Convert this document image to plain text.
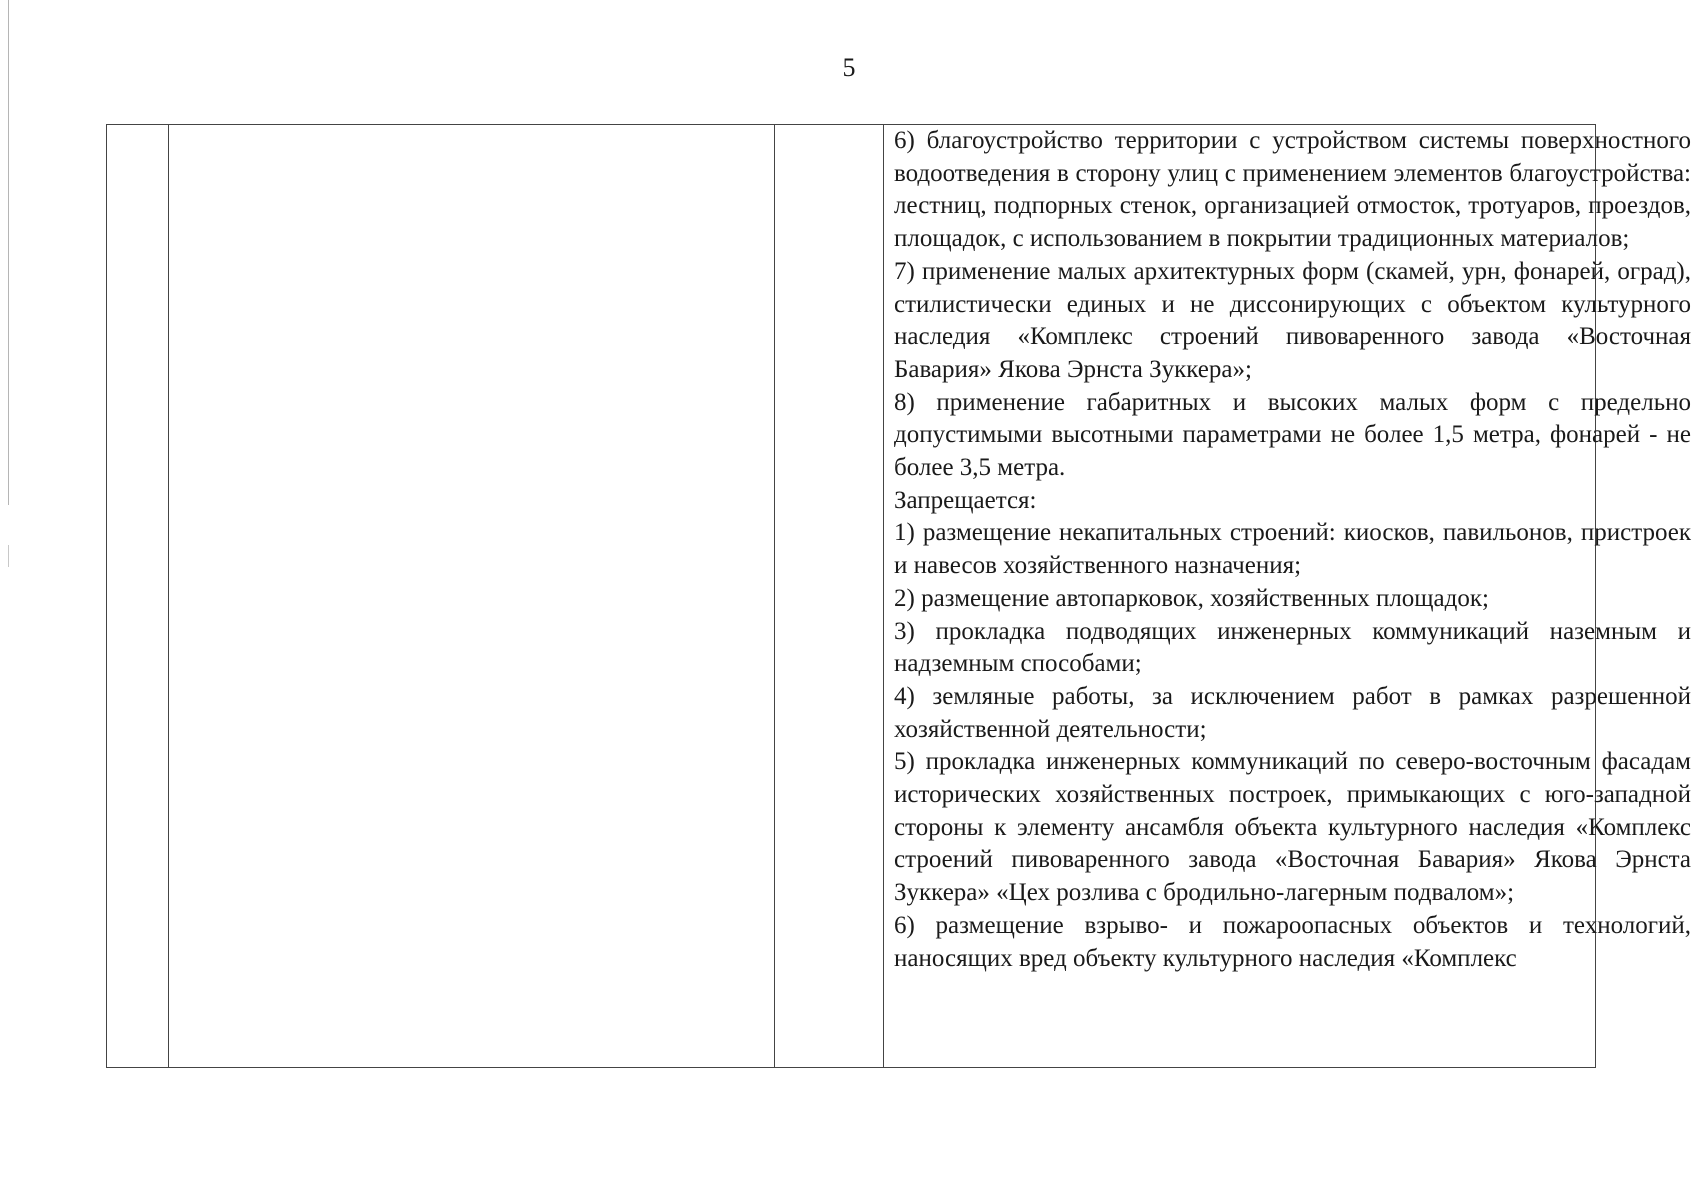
5

6) благоустройство территории с устройством системы поверхностного водоотведения в сторону улиц с применением элементов благоустройства: лестниц, подпорных стенок, организацией отмосток, тротуаров, проездов, площадок, с использованием в покрытии традиционных материалов;

7) применение малых архитектурных форм (скамей, урн, фонарей, оград), стилистически единых и не диссонирующих с объектом культурного наследия «Комплекс строений пивоваренного завода «Восточная Бавария» Якова Эрнста Зуккера»;

8) применение габаритных и высоких малых форм с предельно допустимыми высотными параметрами не более 1,5 метра, фонарей - не более 3,5 метра.

Запрещается:

1) размещение некапитальных строений: киосков, павильонов, пристроек и навесов хозяйственного назначения;

2) размещение автопарковок, хозяйственных площадок;

3) прокладка подводящих инженерных коммуникаций наземным и надземным способами;

4) земляные работы, за исключением работ в рамках разрешенной хозяйственной деятельности;

5) прокладка инженерных коммуникаций по северо-восточным фасадам исторических хозяйственных построек, примыкающих с юго-западной стороны к элементу ансамбля объекта культурного наследия «Комплекс строений пивоваренного завода «Восточная Бавария» Якова Эрнста Зуккера» «Цех розлива с бродильно-лагерным подвалом»;

6) размещение взрыво- и пожароопасных объектов и технологий, наносящих вред объекту культурного наследия «Комплекс
